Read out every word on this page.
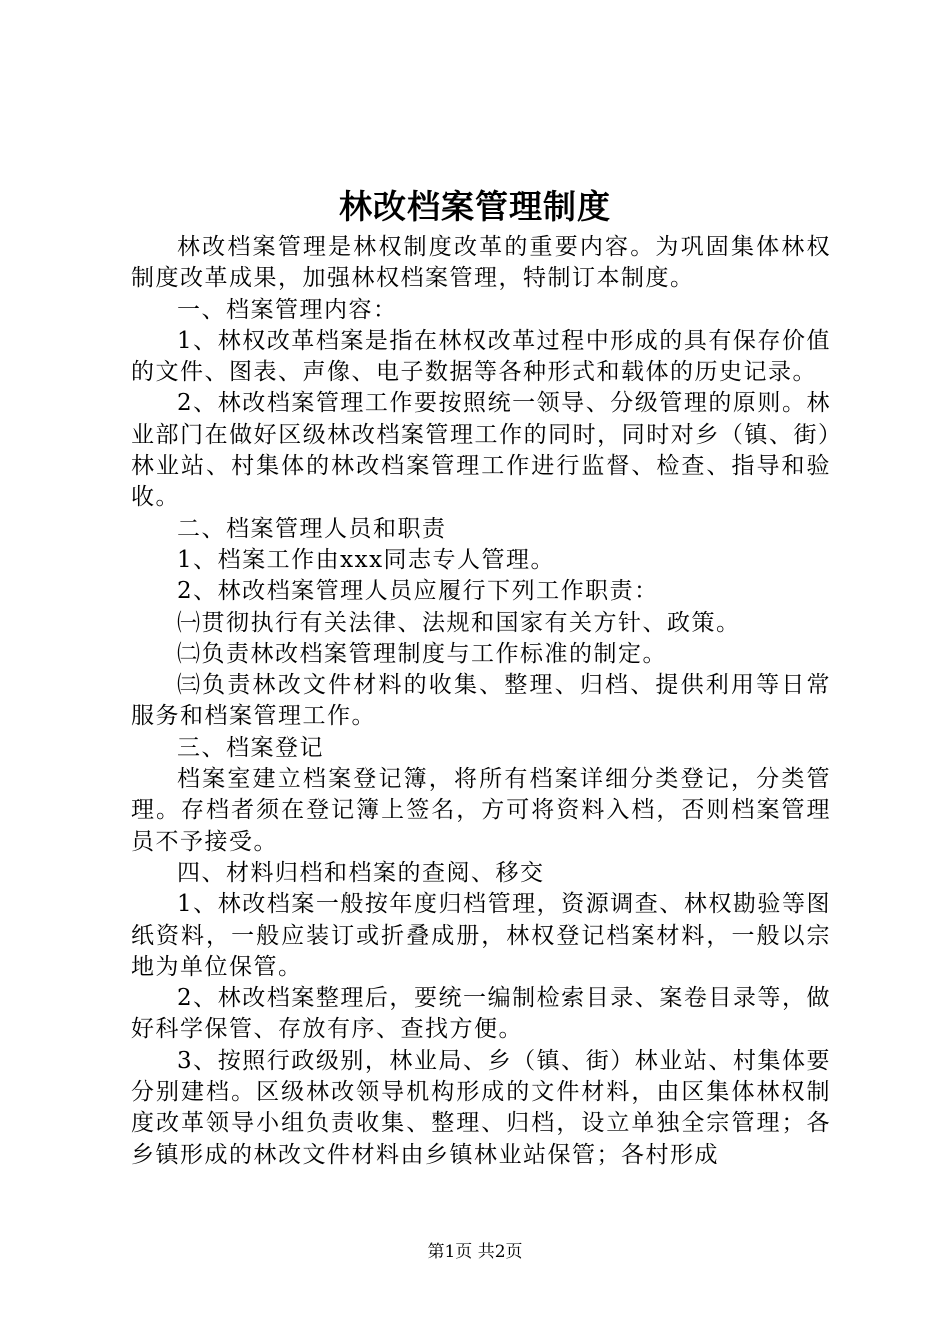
林改档案管理制度

林改档案管理是林权制度改革的重要内容。为巩固集体林权制度改革成果，加强林权档案管理，特制订本制度。

一、档案管理内容：

1、林权改革档案是指在林权改革过程中形成的具有保存价值的文件、图表、声像、电子数据等各种形式和载体的历史记录。

2、林改档案管理工作要按照统一领导、分级管理的原则。林业部门在做好区级林改档案管理工作的同时，同时对乡（镇、街）林业站、村集体的林改档案管理工作进行监督、检查、指导和验收。

二、档案管理人员和职责

1、档案工作由xxx同志专人管理。

2、林改档案管理人员应履行下列工作职责：

㈠贯彻执行有关法律、法规和国家有关方针、政策。

㈡负责林改档案管理制度与工作标准的制定。

㈢负责林改文件材料的收集、整理、归档、提供利用等日常服务和档案管理工作。

三、档案登记

档案室建立档案登记簿，将所有档案详细分类登记，分类管理。存档者须在登记簿上签名，方可将资料入档，否则档案管理员不予接受。

四、材料归档和档案的查阅、移交

1、林改档案一般按年度归档管理，资源调查、林权勘验等图纸资料，一般应装订或折叠成册，林权登记档案材料，一般以宗地为单位保管。

2、林改档案整理后，要统一编制检索目录、案卷目录等，做好科学保管、存放有序、查找方便。

3、按照行政级别，林业局、乡（镇、街）林业站、村集体要分别建档。区级林改领导机构形成的文件材料，由区集体林权制度改革领导小组负责收集、整理、归档，设立单独全宗管理；各乡镇形成的林改文件材料由乡镇林业站保管；各村形成

第1页 共2页
